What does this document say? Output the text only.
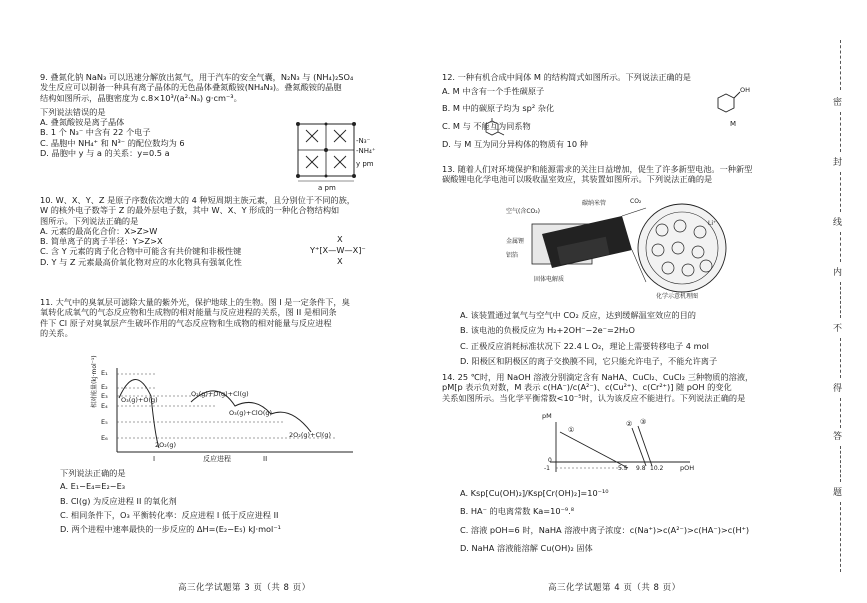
9. 叠氮化钠 NaN₃ 可以迅速分解放出氮气，用于汽车的安全气囊，N₂N₃ 与 (NH₄)₂SO₄
发生反应可以制备一种具有离子晶体的无色晶体叠氮酸铵(NH₄N₃)。叠氮酸铵的晶胞
结构如图所示，晶胞密度为 c.8×10³/(a²·Nₐ) g·cm⁻³。
下列说法错误的是
A. 叠氮酸铵是离子晶体
B. 1 个 N₃⁻ 中含有 22 个电子
C. 晶胞中 NH₄⁺ 和 N³⁻ 的配位数均为 6
D. 晶胞中 y 与 a 的关系：y=0.5 a
-N₃⁻
-NH₄⁺
y pm
a pm
10. W、X、Y、Z 是原子序数依次增大的 4 种短周期主族元素，且分别位于不同的族，
W 的核外电子数等于 Z 的最外层电子数，其中 W、X、Y 形成的一种化合物结构如
图所示。下列说法正确的是
A. 元素的最高化合价：X>Z>W
B. 简单离子的离子半径：Y>Z>X
C. 含 Y 元素的离子化合物中可能含有共价键和非极性键
D. Y 与 Z 元素最高价氧化物对应的水化物具有强氧化性
X
Y⁺[X—W—X]⁻
X
11. 大气中的臭氧层可滤除大量的紫外光，保护地球上的生物。图 I 是一定条件下，臭
氧转化成氧气的气态反应物和生成物的相对能量与反应进程的关系，图 II 是相同条
件下 Cl 原子对臭氧层产生破坏作用的气态反应物和生成物的相对能量与反应进程
的关系。
E₁
E₂
E₃
E₄
E₅
E₆
相对能量(kJ·mol⁻¹)	O₃(g)+O(g)
O₂(g)+O(g)+Cl(g)
O₃(g)+ClO(g)
2O₂(g)+Cl(g)
2O₂(g)
I	反应进程	II
下列说法正确的是
A. E₁−E₄=E₂−E₃
B. Cl(g) 为反应进程 II 的氧化剂
C. 相同条件下，O₃ 平衡转化率：反应进程 I 低于反应进程 II
D. 两个进程中速率最快的一步反应的 ΔH=(E₂−E₅) kJ·mol⁻¹
高三化学试题第 3 页（共 8 页）
12. 一种有机合成中间体 M 的结构简式如图所示。下列说法正确的是
A. M 中含有一个手性碳原子
B. M 中的碳原子均为 sp² 杂化
C. M 与 不能互为同系物
D. 与 M 互为同分异构体的物质有 10 种
OH
M
13. 随着人们对环境保护和能源需求的关注日益增加，促生了许多新型电池。一种新型
碳酸锂电化学电池可以吸收温室效应，其装置如图所示。下列说法正确的是
空气(含CO₂)
金属锂
铝箔
固体电解质
碳纳米管	CO₂
Li⁺
化学示意机理图
A. 该装置通过氧气与空气中 CO₂ 反应，达到缓解温室效应的目的
B. 该电池的负极反应为 H₂+2OH⁻−2e⁻=2H₂O
C. 正极反应消耗标准状况下 22.4 L O₂，理论上需要转移电子 4 mol
D. 阳极区和阴极区的离子交换膜不同，它只能允许电子，不能允许离子
14. 25 ℃时，用 NaOH 溶液分别滴定含有 NaHA、CuCl₂、CuCl₂ 三种物质的溶液，
pM[p 表示负对数，M 表示 c(HA⁻)/c(A²⁻)、c(Cu²⁺)、c(Cr²⁺)] 随 pOH 的变化
关系如图所示。当化学平衡常数<10⁻⁵时，认为该反应不能进行。下列说法正确的是
pM
0
-1	5.5 9.8 10.2	pOH
①
② ③
A. Ksp[Cu(OH)₂]/Ksp[Cr(OH)₂]=10⁻¹⁰
B. HA⁻ 的电离常数 Ka=10⁻⁹.⁸
C. 溶液 pOH=6 时，NaHA 溶液中离子浓度：c(Na⁺)>c(A²⁻)>c(HA⁻)>c(H⁺)
D. NaHA 溶液能溶解 Cu(OH)₂ 固体
高三化学试题第 4 页（共 8 页）
密
封
线
内
不
得
答
题
